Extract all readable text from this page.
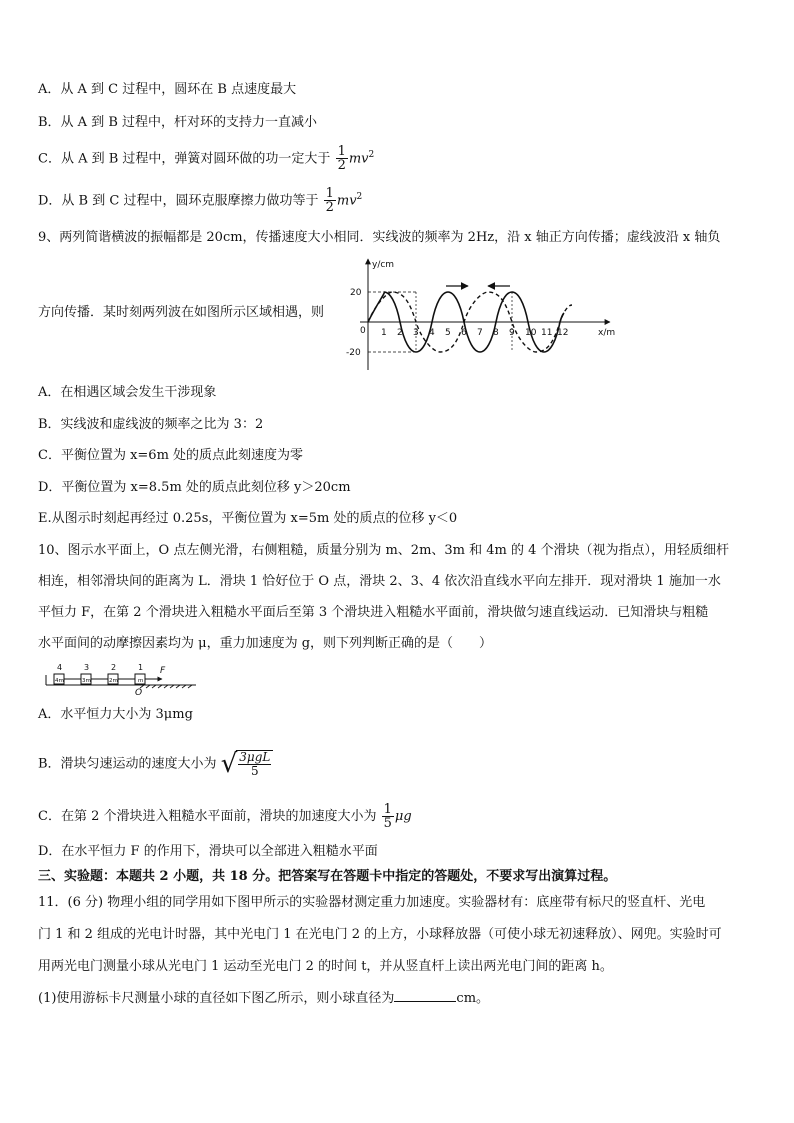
A．从 A 到 C 过程中，圆环在 B 点速度最大
B．从 A 到 B 过程中，杆对环的支持力一直减小
C．从 A 到 B 过程中，弹簧对圆环做的功一定大于 $\frac{1}{2} mv^2$
D．从 B 到 C 过程中，圆环克服摩擦力做功等于 $\frac{1}{2} mv^2$
9、两列简谐横波的振幅都是 20cm，传播速度大小相同．实线波的频率为 2Hz，沿 x 轴正方向传播；虚线波沿 x 轴负
方向传播．某时刻两列波在如图所示区域相遇，则
y/cm
x/m
20
0
-20
1 2 3 4 5 6 7 8 9 10 11 12
A．在相遇区域会发生干涉现象
B．实线波和虚线波的频率之比为 3：2
C．平衡位置为 x=6m 处的质点此刻速度为零
D．平衡位置为 x=8.5m 处的质点此刻位移 y＞20cm
E.从图示时刻起再经过 0.25s，平衡位置为 x=5m 处的质点的位移 y＜0
10、图示水平面上，O 点左侧光滑，右侧粗糙，质量分别为 m、2m、3m 和 4m 的 4 个滑块（视为指点），用轻质细杆
相连，相邻滑块间的距离为 L．滑块 1 恰好位于 O 点，滑块 2、3、4 依次沿直线水平向左排开．现对滑块 1 施加一水
平恒力 F，在第 2 个滑块进入粗糙水平面后至第 3 个滑块进入粗糙水平面前，滑块做匀速直线运动．已知滑块与粗糙
水平面间的动摩擦因素均为 μ，重力加速度为 g，则下列判断正确的是（　　）
4m	3m	2m	m
4	3	2	1 F
O
A．水平恒力大小为 3μmg
B．滑块匀速运动的速度大小为 √ 3μgL
5
C．在第 2 个滑块进入粗糙水平面前，滑块的加速度大小为 $\frac{1}{5}$ μg
D．在水平恒力 F 的作用下，滑块可以全部进入粗糙水平面
三、实验题：本题共 2 小题，共 18 分。把答案写在答题卡中指定的答题处，不要求写出演算过程。
11．(6 分) 物理小组的同学用如下图甲所示的实验器材测定重力加速度。实验器材有：底座带有标尺的竖直杆、光电
门 1 和 2 组成的光电计时器，其中光电门 1 在光电门 2 的上方，小球释放器（可使小球无初速释放）、网兜。实验时可
用两光电门测量小球从光电门 1 运动至光电门 2 的时间 t，并从竖直杆上读出两光电门间的距离 h。
(1)使用游标卡尺测量小球的直径如下图乙所示，则小球直径为	cm。
